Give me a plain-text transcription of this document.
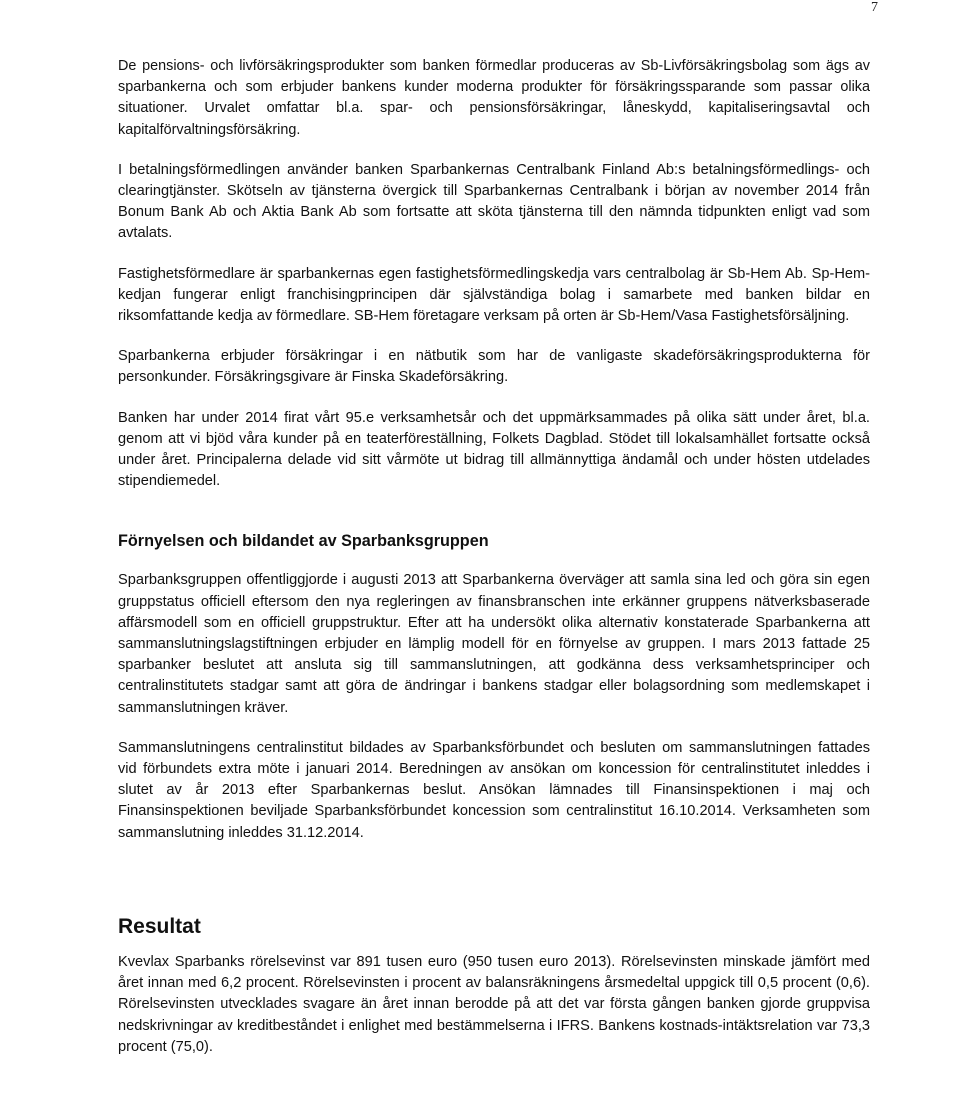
7

De pensions- och livförsäkringsprodukter som banken förmedlar produceras av Sb-Livförsäkringsbolag som ägs av sparbankerna och som erbjuder bankens kunder moderna produkter för försäkringssparande som passar olika situationer. Urvalet omfattar bl.a. spar- och pensionsförsäkringar, låneskydd, kapitaliseringsavtal och kapitalförvaltningsförsäkring.

I betalningsförmedlingen använder banken Sparbankernas Centralbank Finland Ab:s betalningsförmedlings- och clearingtjänster. Skötseln av tjänsterna övergick till Sparbankernas Centralbank i början av november 2014 från Bonum Bank Ab och Aktia Bank Ab som fortsatte att sköta tjänsterna till den nämnda tidpunkten enligt vad som avtalats.

Fastighetsförmedlare är sparbankernas egen fastighetsförmedlingskedja vars centralbolag är Sb-Hem Ab. Sp-Hem-kedjan fungerar enligt franchisingprincipen där självständiga bolag i samarbete med banken bildar en riksomfattande kedja av förmedlare. SB-Hem företagare verksam på orten är Sb-Hem/Vasa Fastighetsförsäljning.

Sparbankerna erbjuder försäkringar i en nätbutik som har de vanligaste skadeförsäkringsprodukterna för personkunder. Försäkringsgivare är Finska Skadeförsäkring.

Banken har under 2014 firat vårt 95.e verksamhetsår och det uppmärksammades på olika sätt under året, bl.a. genom att vi bjöd våra kunder på en teaterföreställning, Folkets Dagblad. Stödet till lokalsamhället fortsatte också under året. Principalerna delade vid sitt vårmöte ut bidrag till allmännyttiga ändamål och under hösten utdelades stipendiemedel.

Förnyelsen och bildandet av Sparbanksgruppen

Sparbanksgruppen offentliggjorde i augusti 2013 att Sparbankerna överväger att samla sina led och göra sin egen gruppstatus officiell eftersom den nya regleringen av finansbranschen inte erkänner gruppens nätverksbaserade affärsmodell som en officiell gruppstruktur. Efter att ha undersökt olika alternativ konstaterade Sparbankerna att sammanslutningslagstiftningen erbjuder en lämplig modell för en förnyelse av gruppen. I mars 2013 fattade 25 sparbanker beslutet att ansluta sig till sammanslutningen, att godkänna dess verksamhetsprinciper och centralinstitutets stadgar samt att göra de ändringar i bankens stadgar eller bolagsordning som medlemskapet i sammanslutningen kräver.

Sammanslutningens centralinstitut bildades av Sparbanksförbundet och besluten om sammanslutningen fattades vid förbundets extra möte i januari 2014. Beredningen av ansökan om koncession för centralinstitutet inleddes i slutet av år 2013 efter Sparbankernas beslut. Ansökan lämnades till Finansinspektionen i maj och Finansinspektionen beviljade Sparbanksförbundet koncession som centralinstitut 16.10.2014. Verksamheten som sammanslutning inleddes 31.12.2014.

Resultat

Kvevlax Sparbanks rörelsevinst var 891 tusen euro (950 tusen euro 2013). Rörelsevinsten minskade jämfört med året innan med 6,2 procent. Rörelsevinsten i procent av balansräkningens årsmedeltal uppgick till 0,5 procent (0,6). Rörelsevinsten utvecklades svagare än året innan berodde på att det var första gången banken gjorde gruppvisa nedskrivningar av kreditbeståndet i enlighet med bestämmelserna i IFRS. Bankens kostnads-intäktsrelation var 73,3 procent (75,0).
